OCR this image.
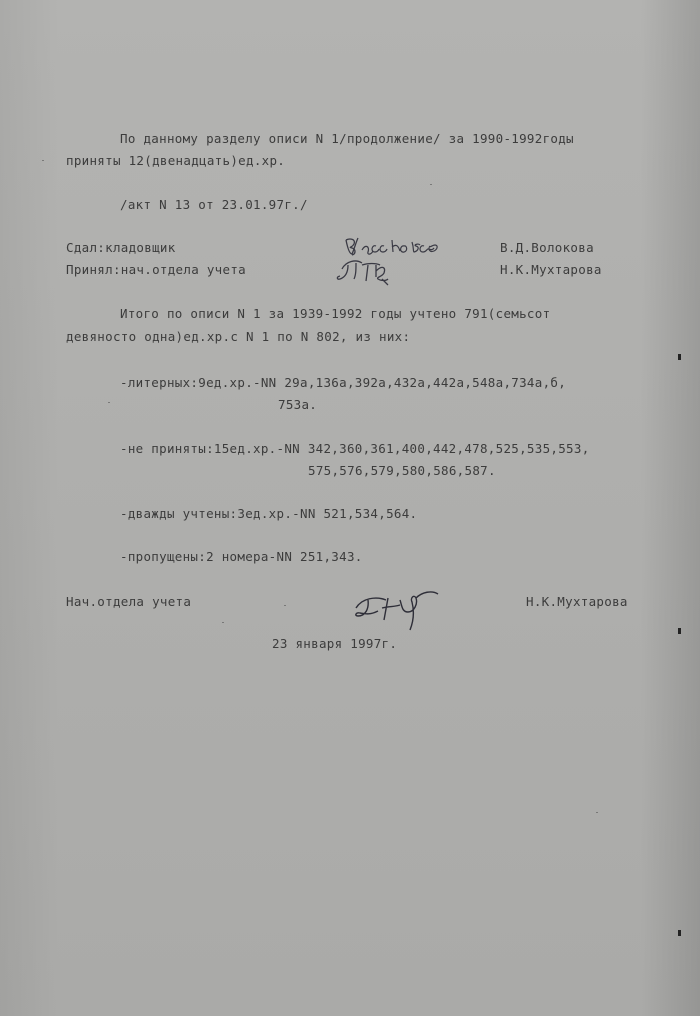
По данному разделу описи N 1/продолжение/ за 1990-1992годы
приняты 12(двенадцать)ед.хр.
/акт N 13 от 23.01.97г./
Сдал:кладовщик	В.Д.Волокова
Принял:нач.отдела учета	Н.К.Мухтарова
Итого по описи N 1 за 1939-1992 годы учтено 791(семьсот
девяносто одна)ед.хр.с N 1 по N 802, из них:
-литерных:9ед.хр.-NN 29а,136а,392а,432а,442а,548а,734а,б,
753а.
-не приняты:15ед.хр.-NN 342,360,361,400,442,478,525,535,553,
575,576,579,580,586,587.
-дважды учтены:3ед.хр.-NN 521,534,564.
-пропущены:2 номера-NN 251,343.
Нач.отдела учета	Н.К.Мухтарова
23 января 1997г.
